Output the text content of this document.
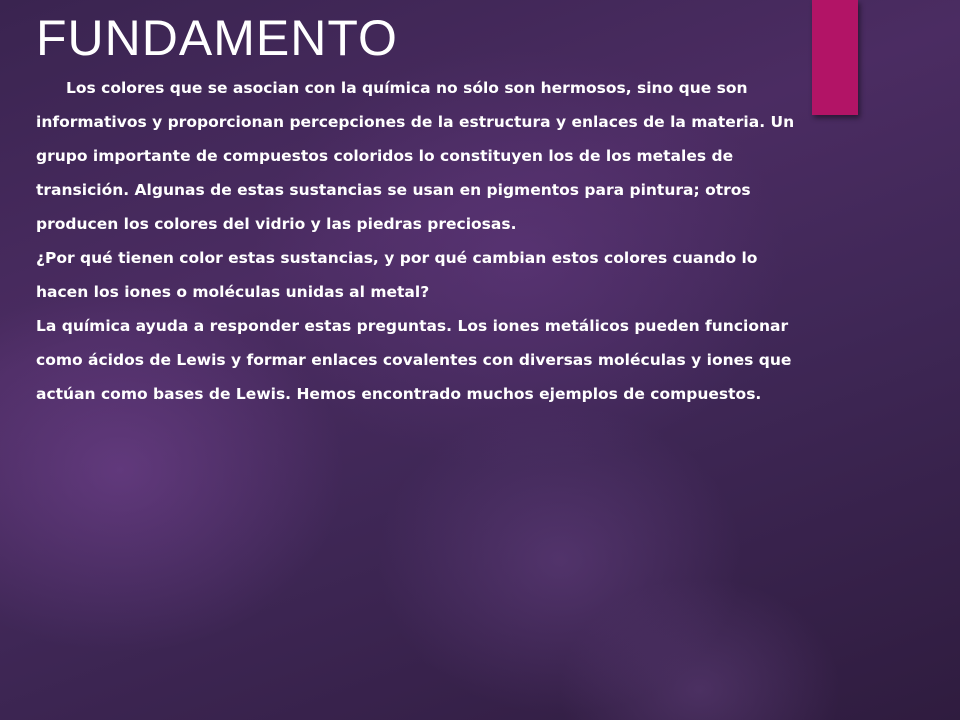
FUNDAMENTO

Los colores que se asocian con la química no sólo son hermosos, sino que son

informativos y proporcionan percepciones de la estructura y enlaces de la materia. Un

grupo importante de compuestos coloridos lo constituyen los de los metales de

transición. Algunas de estas sustancias se usan en pigmentos para pintura; otros

producen los colores del vidrio y las piedras preciosas.

¿Por qué tienen color estas sustancias, y por qué cambian estos colores cuando lo

hacen los iones o moléculas unidas al metal?

La química ayuda a responder estas preguntas. Los iones metálicos pueden funcionar

como ácidos de Lewis y formar enlaces covalentes con diversas moléculas y iones que

actúan como bases de Lewis. Hemos encontrado muchos ejemplos de compuestos.
